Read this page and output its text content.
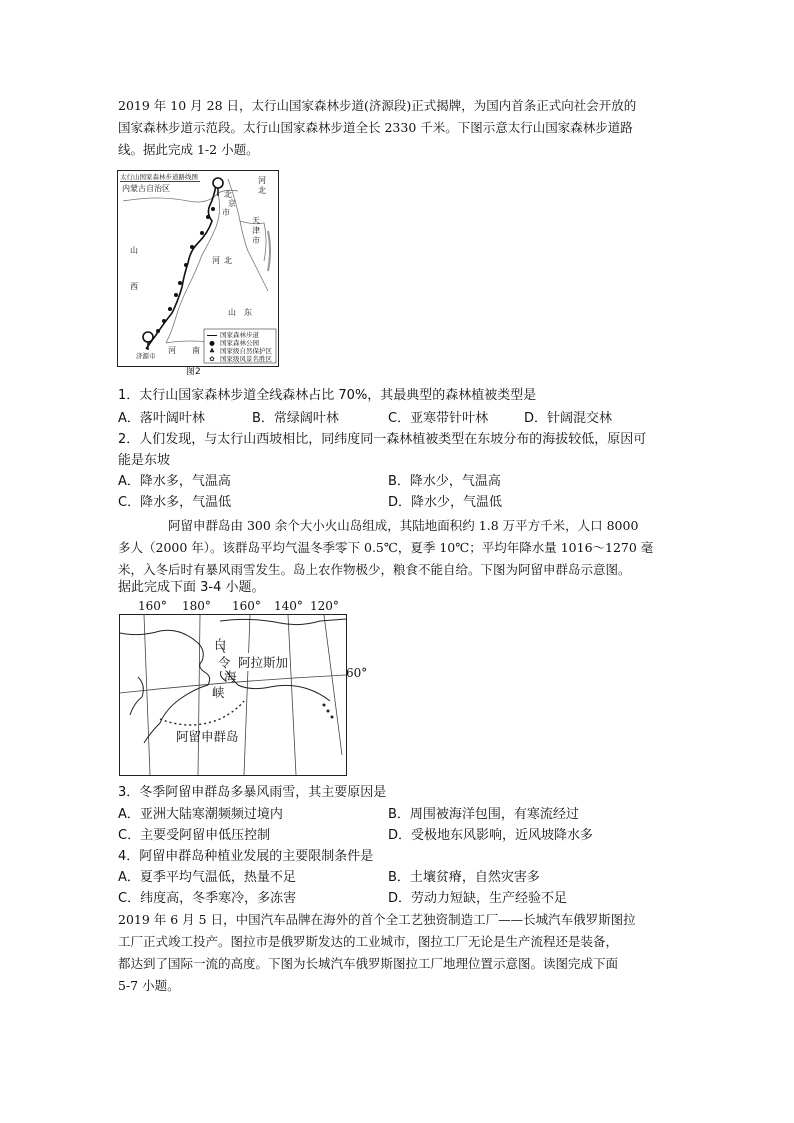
2019 年 10 月 28 日，太行山国家森林步道(济源段)正式揭牌，为国内首条正式向社会开放的
国家森林步道示范段。太行山国家森林步道全长 2330 千米。下图示意太行山国家森林步道路
线。据此完成 1-2 小题。
太行山国家森林步道路线图
内蒙古自治区
河
北
北
京
市
天
津
市
河 北
山
西
山　东
河　　南
济源市
国家森林步道
● 国家森林公园
♣ 国家级自然保护区
✿ 国家级风景名胜区
图2
1．太行山国家森林步道全线森林占比 70%，其最典型的森林植被类型是
A．落叶阔叶林	B．常绿阔叶林	C．亚寒带针叶林	D．针阔混交林
2．人们发现，与太行山西坡相比，同纬度同一森林植被类型在东坡分布的海拔较低，原因可
能是东坡
A．降水多，气温高	B．降水少，气温高
C．降水多，气温低	D．降水少，气温低
阿留申群岛由 300 余个大小火山岛组成，其陆地面积约 1.8 万平方千米，人口 8000
多人（2000 年）。该群岛平均气温冬季零下 0.5℃，夏季 10℃；平均年降水量 1016～1270 毫
米，入冬后时有暴风雨雪发生。岛上农作物极少，粮食不能自给。下图为阿留申群岛示意图。
据此完成下面 3-4 小题。
160° 180° 160° 140° 120°
白
令
海
峡
阿拉斯加
阿留申群岛
60°
3．冬季阿留申群岛多暴风雨雪，其主要原因是
A．亚洲大陆寒潮频频过境内	B．周围被海洋包围，有寒流经过
C．主要受阿留申低压控制	D．受极地东风影响，近风坡降水多
4．阿留申群岛种植业发展的主要限制条件是
A．夏季平均气温低，热量不足	B．土壤贫瘠，自然灾害多
C．纬度高，冬季寒冷，多冻害	D．劳动力短缺，生产经验不足
2019 年 6 月 5 日，中国汽车品牌在海外的首个全工艺独资制造工厂——长城汽车俄罗斯图拉
工厂正式竣工投产。图拉市是俄罗斯发达的工业城市，图拉工厂无论是生产流程还是装备，
都达到了国际一流的高度。下图为长城汽车俄罗斯图拉工厂地理位置示意图。读图完成下面
5-7 小题。
